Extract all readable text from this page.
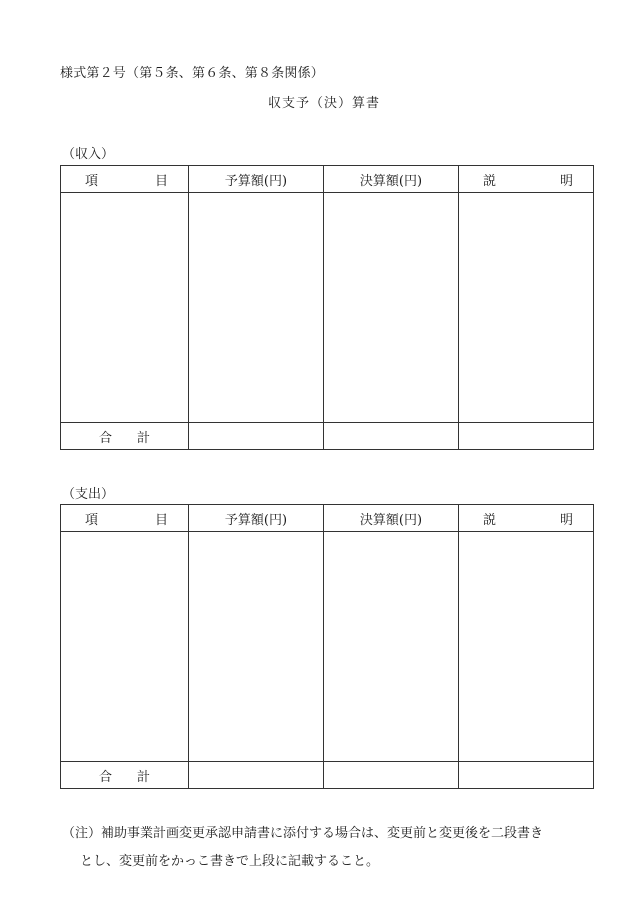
様式第２号（第５条、第６条、第８条関係）
収支予（決）算書
（収入）
項 目	予算額(円)	決算額(円)	説 明

合 計			

（支出）
項 目	予算額(円)	決算額(円)	説 明

合 計			

（注）補助事業計画変更承認申請書に添付する場合は、変更前と変更後を二段書き
とし、変更前をかっこ書きで上段に記載すること。
